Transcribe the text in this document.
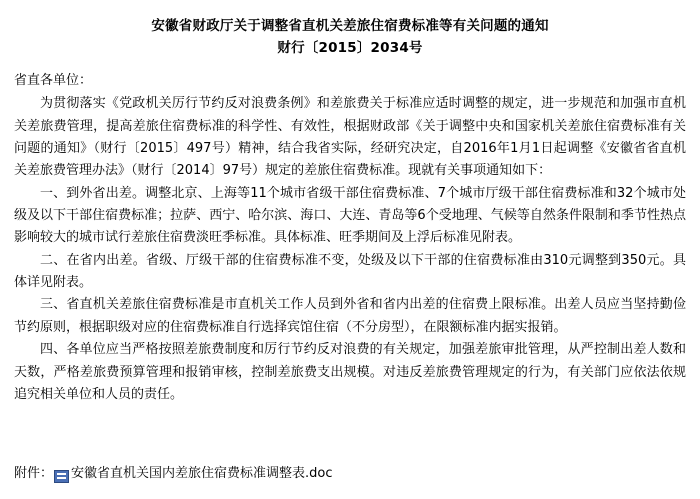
安徽省财政厅关于调整省直机关差旅住宿费标准等有关问题的通知
财行〔2015〕2034号

省直各单位：

为贯彻落实《党政机关厉行节约反对浪费条例》和差旅费关于标准应适时调整的规定，进一步规范和加强市直机关差旅费管理，提高差旅住宿费标准的科学性、有效性，根据财政部《关于调整中央和国家机关差旅住宿费标准有关问题的通知》（财行〔2015〕497号）精神，结合我省实际，经研究决定，自2016年1月1日起调整《安徽省省直机关差旅费管理办法》（财行〔2014〕97号）规定的差旅住宿费标准。现就有关事项通知如下：

一、到外省出差。调整北京、上海等11个城市省级干部住宿费标准、7个城市厅级干部住宿费标准和32个城市处级及以下干部住宿费标准；拉萨、西宁、哈尔滨、海口、大连、青岛等6个受地理、气候等自然条件限制和季节性热点影响较大的城市试行差旅住宿费淡旺季标准。具体标准、旺季期间及上浮后标准见附表。

二、在省内出差。省级、厅级干部的住宿费标准不变，处级及以下干部的住宿费标准由310元调整到350元。具体详见附表。

三、省直机关差旅住宿费标准是市直机关工作人员到外省和省内出差的住宿费上限标准。出差人员应当坚持勤俭节约原则，根据职级对应的住宿费标准自行选择宾馆住宿（不分房型），在限额标准内据实报销。

四、各单位应当严格按照差旅费制度和厉行节约反对浪费的有关规定，加强差旅审批管理，从严控制出差人数和天数，严格差旅费预算管理和报销审核，控制差旅费支出规模。对违反差旅费管理规定的行为，有关部门应依法依规追究相关单位和人员的责任。

附件： 安徽省直机关国内差旅住宿费标准调整表.doc
